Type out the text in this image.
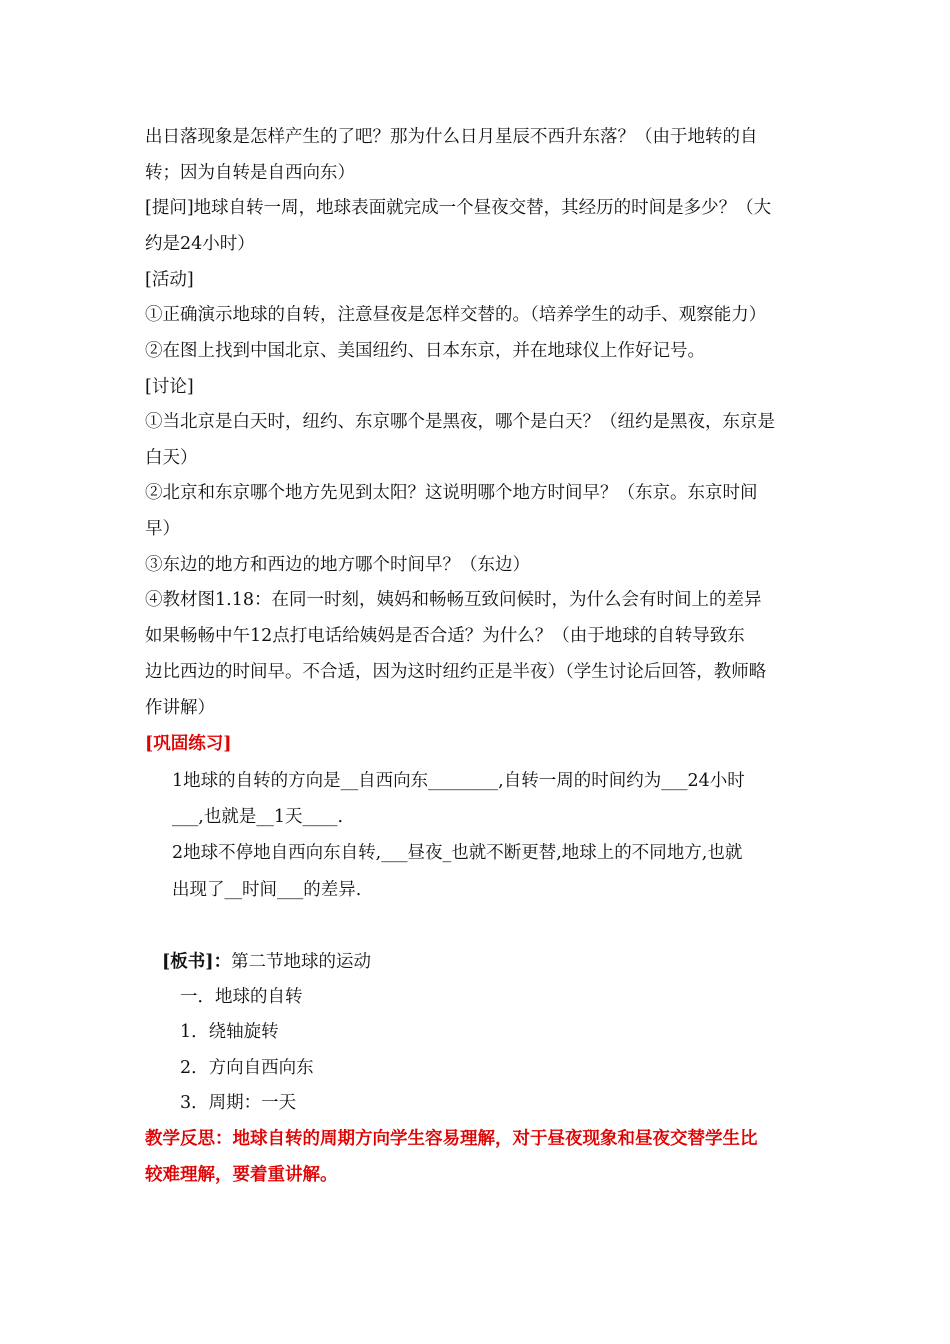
出日落现象是怎样产生的了吧？那为什么日月星辰不西升东落？（由于地转的自
转；因为自转是自西向东）
[提问]地球自转一周，地球表面就完成一个昼夜交替，其经历的时间是多少？（大
约是24小时）
[活动]
①正确演示地球的自转，注意昼夜是怎样交替的。（培养学生的动手、观察能力）
②在图上找到中国北京、美国纽约、日本东京，并在地球仪上作好记号。
[讨论]
①当北京是白天时，纽约、东京哪个是黑夜，哪个是白天？（纽约是黑夜，东京是
白天）
②北京和东京哪个地方先见到太阳？这说明哪个地方时间早？（东京。东京时间
早）
③东边的地方和西边的地方哪个时间早？（东边）
④教材图1.18：在同一时刻，姨妈和畅畅互致问候时，为什么会有时间上的差异
如果畅畅中午12点打电话给姨妈是否合适？为什么？（由于地球的自转导致东
边比西边的时间早。不合适，因为这时纽约正是半夜）（学生讨论后回答，教师略
作讲解）
[巩固练习]
1地球的自转的方向是__自西向东________,自转一周的时间约为___24小时
___,也就是__1天____.
2地球不停地自西向东自转,___昼夜_也就不断更替,地球上的不同地方,也就
出现了__时间___的差异.
[板书]：第二节地球的运动
一．地球的自转
1．绕轴旋转
2．方向自西向东
3．周期：一天
教学反思：地球自转的周期方向学生容易理解，对于昼夜现象和昼夜交替学生比
较难理解，要着重讲解。
